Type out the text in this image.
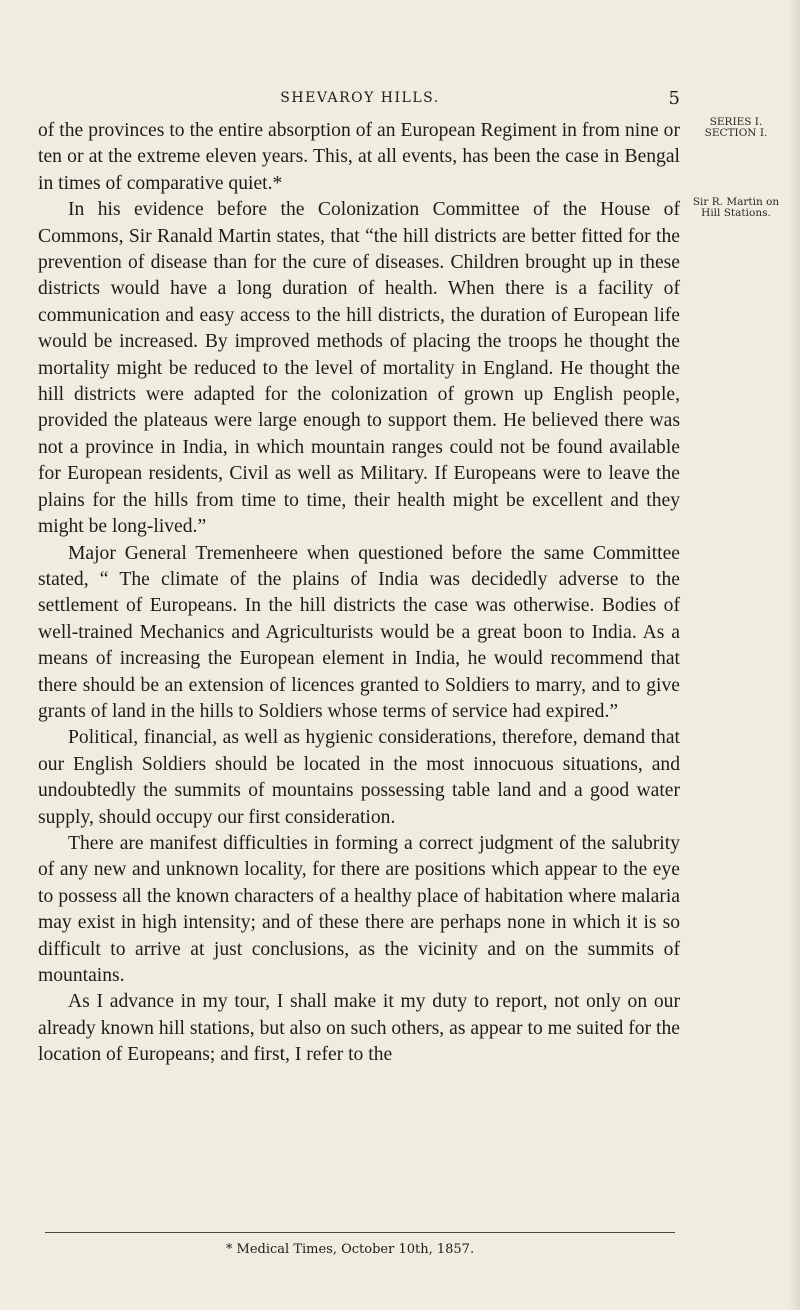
SHEVAROY HILLS.	5
SERIES I.
SECTION I.
Sir R. Martin on
Hill Stations.

of the provinces to the entire absorption of an European Regiment in from nine or ten or at the extreme eleven years. This, at all events, has been the case in Bengal in times of comparative quiet.*

In his evidence before the Colonization Committee of the House of Commons, Sir Ranald Martin states, that “the hill districts are better fitted for the prevention of disease than for the cure of diseases. Children brought up in these districts would have a long duration of health. When there is a facility of communication and easy access to the hill districts, the duration of European life would be increased. By improved methods of placing the troops he thought the mortality might be reduced to the level of mortality in England. He thought the hill districts were adapted for the colonization of grown up English people, provided the plateaus were large enough to support them. He believed there was not a province in India, in which mountain ranges could not be found available for European residents, Civil as well as Military. If Europeans were to leave the plains for the hills from time to time, their health might be excellent and they might be long-lived.”

Major General Tremenheere when questioned before the same Committee stated, “ The climate of the plains of India was decidedly adverse to the settlement of Europeans. In the hill districts the case was otherwise. Bodies of well-trained Mechanics and Agriculturists would be a great boon to India. As a means of increasing the European element in India, he would recommend that there should be an extension of licences granted to Soldiers to marry, and to give grants of land in the hills to Soldiers whose terms of service had expired.”

Political, financial, as well as hygienic considerations, therefore, demand that our English Soldiers should be located in the most innocuous situations, and undoubtedly the summits of mountains possessing table land and a good water supply, should occupy our first consideration.

There are manifest difficulties in forming a correct judgment of the salubrity of any new and unknown locality, for there are positions which appear to the eye to possess all the known characters of a healthy place of habitation where malaria may exist in high intensity; and of these there are perhaps none in which it is so difficult to arrive at just conclusions, as the vicinity and on the summits of mountains.

As I advance in my tour, I shall make it my duty to report, not only on our already known hill stations, but also on such others, as appear to me suited for the location of Europeans; and first, I refer to the

* Medical Times, October 10th, 1857.
